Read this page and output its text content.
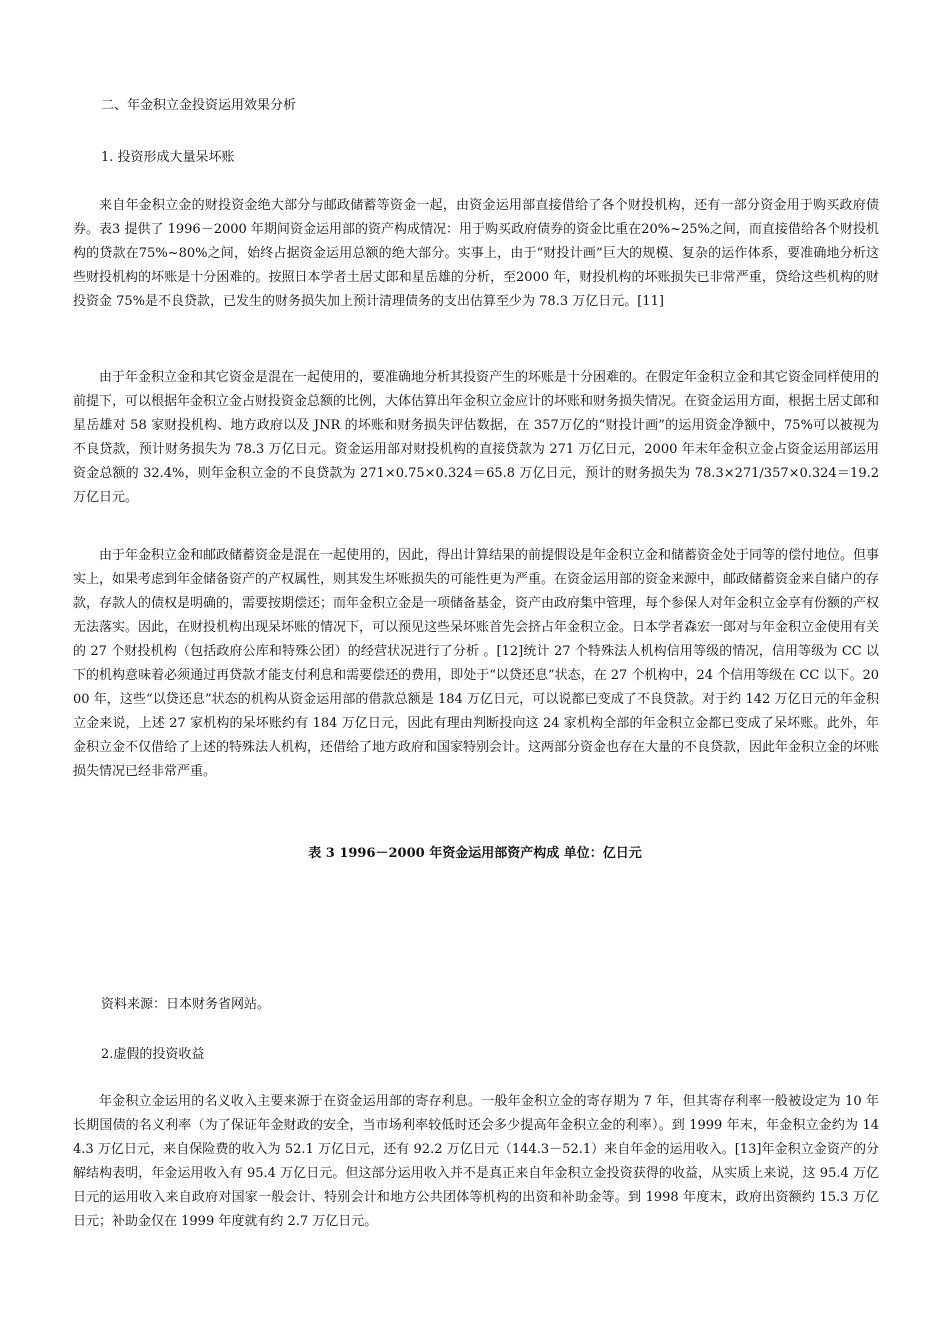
二、年金积立金投资运用效果分析
1. 投资形成大量呆坏账
来自年金积立金的财投资金绝大部分与邮政储蓄等资金一起，由资金运用部直接借给了各个财投机构，还有一部分资金用于购买政府债券。表3 提供了 1996－2000 年期间资金运用部的资产构成情况：用于购买政府债券的资金比重在20%~25%之间，而直接借给各个财投机构的贷款在75%~80%之间，始终占据资金运用总额的绝大部分。实事上，由于“财投计画”巨大的规模、复杂的运作体系，要准确地分析这些财投机构的坏账是十分困难的。按照日本学者土居丈郎和星岳雄的分析，至2000 年，财投机构的坏账损失已非常严重，贷给这些机构的财投资金 75%是不良贷款，已发生的财务损失加上预计清理债务的支出估算至少为 78.3 万亿日元。[11]
由于年金积立金和其它资金是混在一起使用的，要准确地分析其投资产生的坏账是十分困难的。在假定年金积立金和其它资金同样使用的前提下，可以根据年金积立金占财投资金总额的比例，大体估算出年金积立金应计的坏账和财务损失情况。在资金运用方面，根据土居丈郎和星岳雄对 58 家财投机构、地方政府以及 JNR 的坏账和财务损失评估数据，在 357万亿的“财投计画”的运用资金净额中，75%可以被视为不良贷款，预计财务损失为 78.3 万亿日元。资金运用部对财投机构的直接贷款为 271 万亿日元，2000 年末年金积立金占资金运用部运用资金总额的 32.4%，则年金积立金的不良贷款为 271×0.75×0.324＝65.8 万亿日元，预计的财务损失为 78.3×271/357×0.324＝19.2 万亿日元。
由于年金积立金和邮政储蓄资金是混在一起使用的，因此，得出计算结果的前提假设是年金积立金和储蓄资金处于同等的偿付地位。但事实上，如果考虑到年金储备资产的产权属性，则其发生坏账损失的可能性更为严重。在资金运用部的资金来源中，邮政储蓄资金来自储户的存款，存款人的债权是明确的，需要按期偿还；而年金积立金是一项储备基金，资产由政府集中管理，每个参保人对年金积立金享有份额的产权无法落实。因此，在财投机构出现呆坏账的情况下，可以预见这些呆坏账首先会挤占年金积立金。日本学者森宏一郎对与年金积立金使用有关的 27 个财投机构（包括政府公库和特殊公团）的经营状况进行了分析 。[12]统计 27 个特殊法人机构信用等级的情况，信用等级为 CC 以下的机构意味着必须通过再贷款才能支付利息和需要偿还的费用，即处于“以贷还息”状态，在 27 个机构中，24 个信用等级在 CC 以下。2000 年，这些“以贷还息”状态的机构从资金运用部的借款总额是 184 万亿日元，可以说都已变成了不良贷款。对于约 142 万亿日元的年金积立金来说，上述 27 家机构的呆坏账约有 184 万亿日元，因此有理由判断投向这 24 家机构全部的年金积立金都已变成了呆坏账。此外，年金积立金不仅借给了上述的特殊法人机构，还借给了地方政府和国家特别会计。这两部分资金也存在大量的不良贷款，因此年金积立金的坏账损失情况已经非常严重。
表 3 1996－2000 年资金运用部资产构成 单位：亿日元
资料来源：日本财务省网站。
2.虚假的投资收益
年金积立金运用的名义收入主要来源于在资金运用部的寄存利息。一般年金积立金的寄存期为 7 年，但其寄存利率一般被设定为 10 年长期国债的名义利率（为了保证年金财政的安全，当市场利率较低时还会多少提高年金积立金的利率）。到 1999 年末，年金积立金约为 144.3 万亿日元，来自保险费的收入为 52.1 万亿日元，还有 92.2 万亿日元（144.3－52.1）来自年金的运用收入。[13]年金积立金资产的分解结构表明，年金运用收入有 95.4 万亿日元。但这部分运用收入并不是真正来自年金积立金投资获得的收益，从实质上来说，这 95.4 万亿日元的运用收入来自政府对国家一般会计、特别会计和地方公共团体等机构的出资和补助金等。到 1998 年度末，政府出资额约 15.3 万亿日元；补助金仅在 1999 年度就有约 2.7 万亿日元。
